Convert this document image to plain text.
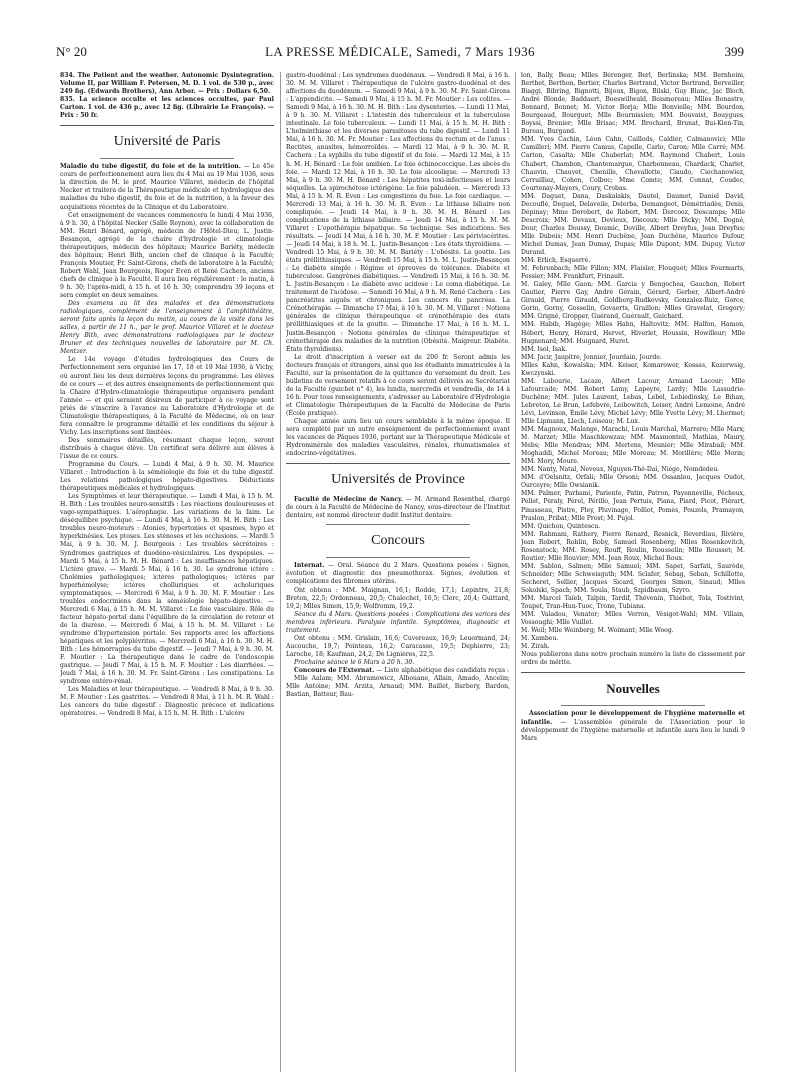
N° 20	LA PRESSE MÉDICALE, Samedi, 7 Mars 1936	399

834. The Patient and the weather. Autonomic Dysintegration. Volume II, par William F. Petersen, M. D. 1 vol. de 530 p., avec 249 fig. (Edwards Brothers), Ann Arbor. — Prix : Dollars 6,50.

835. La science occulte et les sciences occultes, par Paul Carton. 1 vol. de 436 p., avec 12 fig. (Librairie Le François). — Prix : 50 fr.

Université de Paris

Maladie du tube digestif, du foie et de la nutrition. — Le 45e cours de perfectionnement aura lieu du 4 Mai au 19 Mai 1936, sous la direction de M. le prof. Maurice Villaret, médecin de l'hôpital Necker et traitera de la Thérapeutique médicale et hydrologique des maladies du tube digestif, du foie et de la nutrition, à la faveur des acquisitions récentes de la Clinique et du Laboratoire.

Cet enseignement de vacances commencera le lundi 4 Mai 1936, à 9 h. 30, à l'hôpital Necker (Salle Reynon), avec la collaboration de MM. Henri Bénard, agrégé, médecin de l'Hôtel-Dieu; L. Justin-Besançon, agrégé de la chaire d'hydrologie et climatologie thérapeutiques, médecin des hôpitaux; Maurice Bariéty, médecin des hôpitaux; Henri Bith, ancien chef de clinique à la Faculté; François Moutier, Fr. Saint-Girons, chefs de laboratoire à la Faculté; Robert Wahl, Jean Bourgeois, Roger Even et René Cachera, anciens chefs de clinique à la Faculté. Il aura lieu régulièrement : le matin, à 9 h. 30; l'après-midi, à 15 h. et 16 h. 30; comprendra 39 leçons et sera complet en deux semaines.

Des examens au lit des malades et des démonstrations radiologiques, complément de l'enseignement à l'amphithéâtre, seront faits après la leçon du matin, au cours de la visite dans les salles, à partir de 11 h., par le prof. Maurice Villaret et le docteur Henry Bith, avec démonstrations radiologiques par le docteur Bruner et des techniques nouvelles de laboratoire par M. Ch. Mentzer.

Le 14e voyage d'études hydrologiques des Cours de Perfectionnement sera organisé les 17, 18 et 19 Mai 1936, à Vichy, où auront lieu les deux dernières leçons du programme. Les élèves de ce cours — et des autres enseignements de perfectionnement que la Chaire d'Hydro-climatologie thérapeutique organisera pendant l'année — et qui seraient désireux de participer à ce voyage sont priés de s'inscrire à l'avance au Laboratoire d'Hydrologie et de Climatologie thérapeutiques, à la Faculté de Médecine, où on leur fera connaître le programme détaillé et les conditions du séjour à Vichy. Les inscriptions sont limitées.

Des sommaires détaillés, résumant chaque leçon, seront distribués à chaque élève. Un certificat sera délivré aux élèves à l'issue de ce cours.

Programme du Cours. — Lundi 4 Mai, à 9 h. 30. M. Maurice Villaret : Introduction à la séméiologie du foie et du tube digestif. Les relations pathologiques hépato-digestives. Déductions thérapeutiques médicales et hydrologiques.

Les Symptômes et leur thérapeutique. — Lundi 4 Mai, à 15 h. M. H. Bith : Les troubles neuro-sensitifs : Les réactions douloureuses et vago-sympathiques. L'aérophagie. Les variations de la faim. Le déséquilibre psychique. — Lundi 4 Mai, à 16 h. 30. M. H. Bith : Les troubles neuro-moteurs : Atonies, hypertonies et spasmes, hypo et hyperkinésies. Les ptoses. Les sténoses et les occlusions. — Mardi 5 Mai, à 9 h. 30. M. J. Bourgeois : Les troubles sécrétoires : Syndromes gastriques et duodéno-vésiculaires. Les dyspepsies. — Mardi 5 Mai, à 15 h. M. H. Bénard : Les insuffisances hépatiques. L'ictère grave. — Mardi 5 Mai, à 16 h. 30. Le syndrome ictère : Cholémies pathologiques; ictères pathologiques; ictères par hyperhémolyse; ictères cholluriques et acholuriques symptomatiques. — Mercredi 6 Mai, à 9 h. 30. M. F. Moutier : Les troubles endocriniens dans la séméiologie hépato-digestive. — Mercredi 6 Mai, à 15 h. M. M. Villaret : Le foie vasculaire. Rôle du facteur hépato-portal dans l'équilibre de la circulation de retour et de la diurèse. — Mercredi 6 Mai, à 15 h. M. M. Villaret : Le syndrome d'hypertension portale. Ses rapports avec les affections hépatiques et les polyplévrites. — Mercredi 6 Mai, à 16 h. 30. M. H. Bith : Les hémorragies du tube digestif. — Jeudi 7 Mai, à 9 h. 30. M. F. Moutier : La thérapeutique dans le cadre de l'endoscopie gastrique. — Jeudi 7 Mai, à 15 h. M. F. Moutier : Les diarrhées. — Jeudi 7 Mai, à 16 h. 30. M. Fr. Saint-Girons : Les constipations. Le syndrome entéro-rénal.

Les Maladies et leur thérapeutique. — Vendredi 8 Mai, à 9 h. 30. M. F. Moutier : Les gastrites. — Vendredi 8 Mai, à 11 h. M. R. Wahl : Les cancers du tube digestif : Diagnostic précoce et indications opératoires. — Vendredi 8 Mai, à 15 h. M. H. Bith : L'ulcère

gastro-duodénal : Les syndromes duodénaux. — Vendredi 8 Mai, à 16 h. 30. M. M. Villaret : Thérapeutique de l'ulcère gastro-duodénal et des affections du duodénum. — Samedi 9 Mai, à 9 h. 30. M. Fr. Saint-Girons : L'appendicite. — Samedi 9 Mai, à 15 h. M. Fr. Moutier : Les colites. — Samedi 9 Mai, à 16 h. 30. M. H. Bith : Les dysenteries. — Lundi 11 Mai, à 9 h. 30. M. Villaret : L'intestin des tuberculeux et la tuberculose intestinale. Le foie tuberculeux. — Lundi 11 Mai, à 15 h. M. H. Bith : L'helminthiase et les diverses parasitoses du tube digestif. — Lundi 11 Mai, à 16 h. 30. M. Fr. Moutier : Les affections du rectum et de l'anus : Rectites, anusites, hémorroïdes. — Mardi 12 Mai, à 9 h. 30. M. R. Cachera : La syphilis du tube digestif et du foie. — Mardi 12 Mai, à 15 h. M. H. Bénard : Le foie amibien. Le foie échinococcique. Les abcès du foie. — Mardi 12 Mai, à 16 h. 30. Le foie alcoolique. — Mercredi 13 Mai, à 9 h. 30. M. H. Bénard : Les hépatites toxi-infectieuses et leurs séquelles. La spirochétose ictérigène. Le foie paludéen. — Mercredi 13 Mai, à 15 h. M. R. Even : Les congestions du foie. Le foie cardiaque. — Mercredi 13 Mai, à 16 h. 30. M. R. Even : La lithiase biliaire non compliquée. — Jeudi 14 Mai, à 9 h. 30. M. H. Bénard : Les complications de la lithiase biliaire. — Jeudi 14 Mai, à 15 h. M. M. Villaret : L'opothérapie hépatique. Sa technique. Ses indications. Ses résultats. — Jeudi 14 Mai, à 16 h. 30. M. F. Moutier : Les périviscérites. — Jeudi 14 Mai, à 18 h. M. L. Justin-Besançon : Les états thyroïdiens. — Vendredi 15 Mai, à 9 h. 30. M. M. Bariéty : L'obésité. La goutte. Les états préllithiasiques. — Vendredi 15 Mai, à 15 h. M. L. Justin-Besançon : Le diabète simple : Régime et épreuves de tolérance. Diabète et tuberculose. Gangrènes diabétiques. — Vendredi 15 Mai, à 16 h. 30. M. L. Justin-Besançon : Le diabète avec acidose : Le coma diabétique. Le traitement de l'acidose. — Samedi 16 Mai, à 9 h. M. René Cachera : Les pancréatites aiguës et chroniques. Les cancers du pancréas. La Crénothérapie. — Dimanche 17 Mai, à 10 h. 30. M. M. Villaret : Notions générales de clinique thérapeutique et crénothérapie des états préllithiasiques et de la goutte. — Dimanche 17 Mai, à 16 h. M. L. Justin-Besançon : Notions générales de clinique thérapeutique et crénothérapie des maladies de la nutrition (Obésité. Maigreur. Diabète. États thyroïdiens).

Le droit d'inscription à verser est de 200 fr. Seront admis les docteurs français et étrangers, ainsi que les étudiants immatriculés à la Faculté, sur la présentation de la quittance du versement du droit. Les bulletins de versement relatifs à ce cours seront délivrés au Secrétariat de la Faculté (guichet n° 4), les lundis, mercredis et vendredis, de 14 à 16 h. Pour tous renseignements, s'adresser au Laboratoire d'Hydrologie et Climatologie Thérapeutiques de la Faculté de Médecine de Paris (École pratique).

Chaque année aura lieu un cours semblable à la même époque. Il sera complété par un autre enseignement de perfectionnement avant les vacances de Pâques 1936, portant sur la Thérapeutique Médicale et Hydrominérale des maladies vasculaires, rénales, rhumatismales et endocrino-végétatives.

Universités de Province

Faculté de Médecine de Nancy. — M. Armand Rosenthal, chargé de cours à la Faculté de Médecine de Nancy, sous-directeur de l'Institut dentaire, est nommé directeur dudit Institut dentaire.

Concours

Internat. — Oral. Séance du 2 Mars. Questions posées : Signes, évolution et diagnostic des pneumothorax. Signes, évolution et complications des fibromes utérins.

Ont obtenu : MM. Maignan, 16,1; Rodde, 17,1; Lepintre, 21,8; Breton, 22,5; Ordonneau, 20,5; Chalochet, 16,5; Clerc, 20,4; Guittard, 19,2; Mlles Simon, 15,9; Wolfromm, 19,2.

Séance du 4 Mars. Questions posées : Complications des varices des membres inférieurs. Paralysie infantile. Symptômes, diagnostic et traitement.

Ont obtenu : MM. Grislain, 16,6; Cuvereaux, 16,9; Leuormand, 24; Aucouche, 19,7; Pointeau, 16,2; Caracasso, 19,5; Dephierre, 23; Laroche, 18; Kaufman, 24,2; De Lignières, 22,5.

Prochaine séance le 6 Mars à 20 h. 30.

Concours de l'Externat. — Liste alphabétique des candidats reçus :

Mlle Aalam; MM. Abramowicz, Albouane, Allain, Amado, Ancelin; Mlle Antoine; MM. Arzita, Arnaud; MM. Baillet, Barbery, Bardon, Bastian, Batteur, Bau-

lon, Bally, Beau; Mlles Bérenger, Berl, Berlinska; MM. Bernheim, Berthet, Berthon, Bertier, Charles Bertrand, Victor Bertrand, Berveiller, Biaggi, Bibring, Bignotti, Bijoux, Bigon, Bilski, Guy Blanc, Jac Bloch, André Blonde, Baddaert, Boeswillwald, Boismoreau; Mlles Bonastre, Bonnard, Bonnet; M. Victor Borja; Mlle Bonvielle; MM. Bourdon, Bourgeaud, Bourguet; Mlle Bournissien; MM. Bouvaist, Bouygues, Boyssi, Brenier; Mlle Brisac; MM. Brochard, Brunat, Bui-Kien-Tin, Bureau, Burgand.

MM. Yves Cachin, Léon Cahn, Caillods, Caldier, Calmanovici; Mlle Camilleri; MM. Pierre Camus, Capelle, Carlo, Caron; Mlle Carré; MM. Carton, Casalta; Mlle Chaberlat; MM. Raymond Chabert, Louis Chabert, Chambon, Chantemargue, Charbonneau, Chardack, Charlet, Chauvin, Chauvet, Chenille, Chevallotte, Ciaudo, Ciechanowiez, Cerruilliez, Cohen, Colboc; Mme Comte; MM. Connat, Coudec, Courtenay-Mayers, Coury, Crobas.

MM. Daguet, Dana, Daskalakis, Dautel, Daumet, Daniel David, Decouflé, Deguel, Delaveile, Delerba, Demangeot, Démétriadès, Denis, Dépinay; Mme Derobert, de Robert, MM. Dercooz, Descamps; Mlle Descroix; MM. Devaux, Devieux, Diecoux; Mlle Dicky; MM. Dogné, Dour, Charles Doussy, Doumic, Doville, Albert Dreyfus, Jean Dreyfus; Mlle Dubois; MM. Henri Duchêne, Jean Duchêne, Maurice Dufour, Michel Dumas, Jean Dumay, Dupas; Mlle Dupont; MM. Dupuy, Victor Durand.

MM. Erlich, Esquerré.

M. Fehrenbach; Mlle Fillon; MM. Flaisler, Flouquet; Mlles Fourmarts, Fossier; MM. Frankfurt, Frinault.

M. Galey, Mlle Gaon; MM. Garcia y Bengochea, Gauchon, Robert Gautier, Pierre Gay, André Gérain, Gérard, Gerber, Albert-André Girauld, Pierre Girauld, Goldberg-Rudkovsky, Gonzalez-Ruiz, Gorce, Gorin, Gorny, Gosselin, Govaerts, Graillon; Mlles Gravelat, Gregory; MM. Grigné, Gropper, Guérand, Guérault, Guichard.

MM. Habib, Hagège; Mlles Hahn, Haltovitz; MM. Halfon, Hamon, Hébert, Henry, Hérard, Hervet, Hiverlet, Houssin, Howilleur; Mlle Hugnenard; MM. Huignard, Huret.

MM. Isol, Isak.

MM. Jacir, Jaupitre, Jonnier, Jourdain, Jourde.

Mlles Kahn, Kowalska; MM. Keiser, Komarower, Kossas, Kozerwsig, Kwczynski.

MM. Labourie, Lacaze, Albert Lacour, Armand Lacour; Mlle Lafourcade; MM. Robert Lamy, Lapeyre, Lardy; Mlle Lassudrie-Duchêne; MM. Jules Laurent, Lebas, Lebel, Lebiedinsky, Le Bihan, Lebreton, Le Brun, Lefebvre, Leibowitch, Leiser, André Lemoine, André Lévi, Levinson, Émile Lévy, Michel Lévy; Mlle Yvette Lévy; M. Lhermet; Mlle Lipmann, Llech, Loiseau; M. Lux.

MM. Magnoux, Malange, Marachi, Louis Marchal, Marrero; Mlle Marx; M. Marzet; Mlle Maschkowzau; MM. Masmonteil, Mathias, Maury, Mebs; Mlle Mendras; MM. Mertens, Meunier; Mlle Mirabail; MM. Moghaddi, Michel Moreau; Mlle Moreau; M. Morillère; Mlle Morin; MM. Mory, Moure.

MM. Nanty, Natal, Neveux, Nguyen-Thé-Dai, Niégo, Nomdedeu.

MM. d'Oelsnitz, Orfali; Mlle Orsoni; MM. Ossanlou, Jacques Oudot, Ourceyre; Mlle Owsianik.

MM. Palmer, Parhami, Pariente, Patin, Patron, Payenneville, Pécheux, Pellet, Péraly, Pérel, Périllo, Jean Pertuis, Piana, Piard, Picot, Piérart, Pinasseau, Pistre, Pley, Pluvinage, Polliot, Pomès, Pouzols, Pramayon, Praslon, Pribat; Mlle Prost; M. Pujol.

MM. Quichon, Quintescu.

MM. Rahmani, Rathery, Pierre Renard, Resnick, Reverdiau, Rivière, Jean Robert, Roblin, Roby, Samuel Rosenberg; Mlles Rosenkovitch, Rosenstock; MM. Rosey, Rouff, Roulin, Rousselin; Mlle Rousset; M. Routier; Mlle Rouvier; MM. Jean Roux, Michel Roux.

MM. Sablon, Salmen; Mlle Samuel; MM. Sapet, Sarfati, Saurède, Schneider; Mlle Schweisguth; MM. Sclafer, Sebag, Seban, Schillotte, Secheret, Sellier, Jacques Sicard, Georges Simon, Sinaud; Mlles Sokolski, Spach; MM. Soula, Staub, Szpidbaum, Szyro.

MM. Marcel Taïeb, Talpin, Tardif, Thévenin, Thiébot, Tola, Tostivint, Toupet, Tran-Hun-Tuoc, Trone, Tubiana.

MM. Valadou, Venator; Mlles Verron, Vésigot-Wahl; MM. Villain, Vossoughi; Mlle Vuillet.

M. Weil; Mlle Weinberg; M. Woimant; Mlle Woog.

M. Xambeu.

M. Zirah.

Nous publierons dans notre prochain numéro la liste de classement par ordre de mérite.

Nouvelles

Association pour le développement de l'hygiène maternelle et infantile. — L'assemblée générale de l'Association pour le développement de l'hygiène maternelle et infantile aura lieu le lundi 9 Mars
